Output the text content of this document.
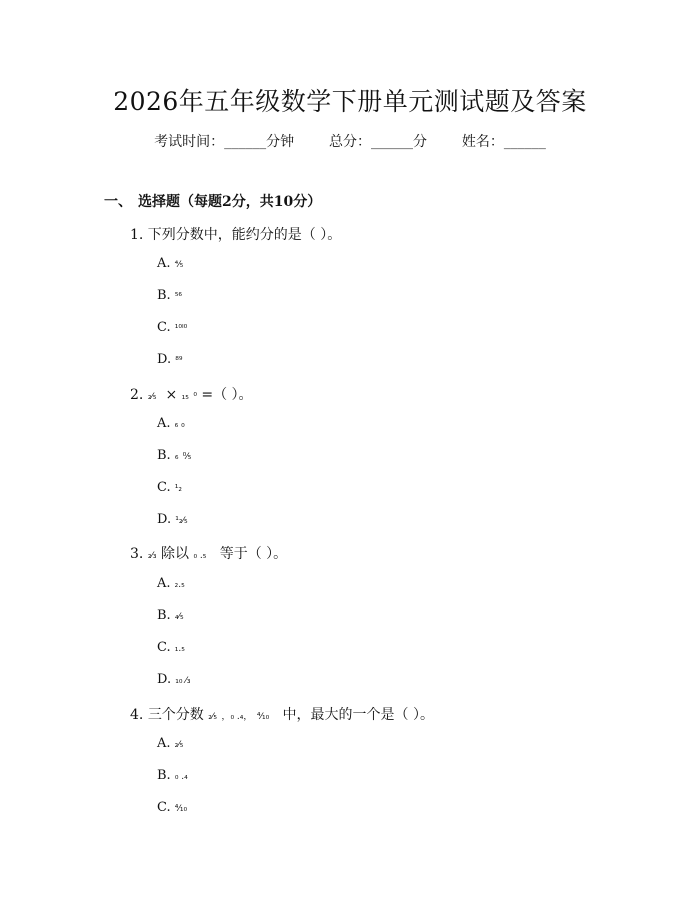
2026年五年级数学下册单元测试题及答案
考试时间：______分钟 总分：______分 姓名：______
一、 选择题（每题2分，共10分）
1. 下列分数中，能约分的是（ ）。
A. ⅘
B. ⁵⁶
C. ¹⁰ᴵ⁰
D. ⁸⁹
2. ₂⁄₅ × ₁₅ ⁰ =（ ）。
A. ₆ ₀
B. ₆ ⁰⁄₅
C. ¹₂
D. ¹₂⁄₅
3. ₂⁄₃ 除以 ₀ .₅ 等于（ ）。
A. ₂.₅
B. ₄⁄₅
C. ₁.₅
D. ₁₀ ⁄₃
4. 三个分数 ₂⁄₅ ，₀ .₄， ⁴⁄₁₀ 中，最大的一个是（ ）。
A. ₂⁄₅
B. ₀ .₄
C. ⁴⁄₁₀
